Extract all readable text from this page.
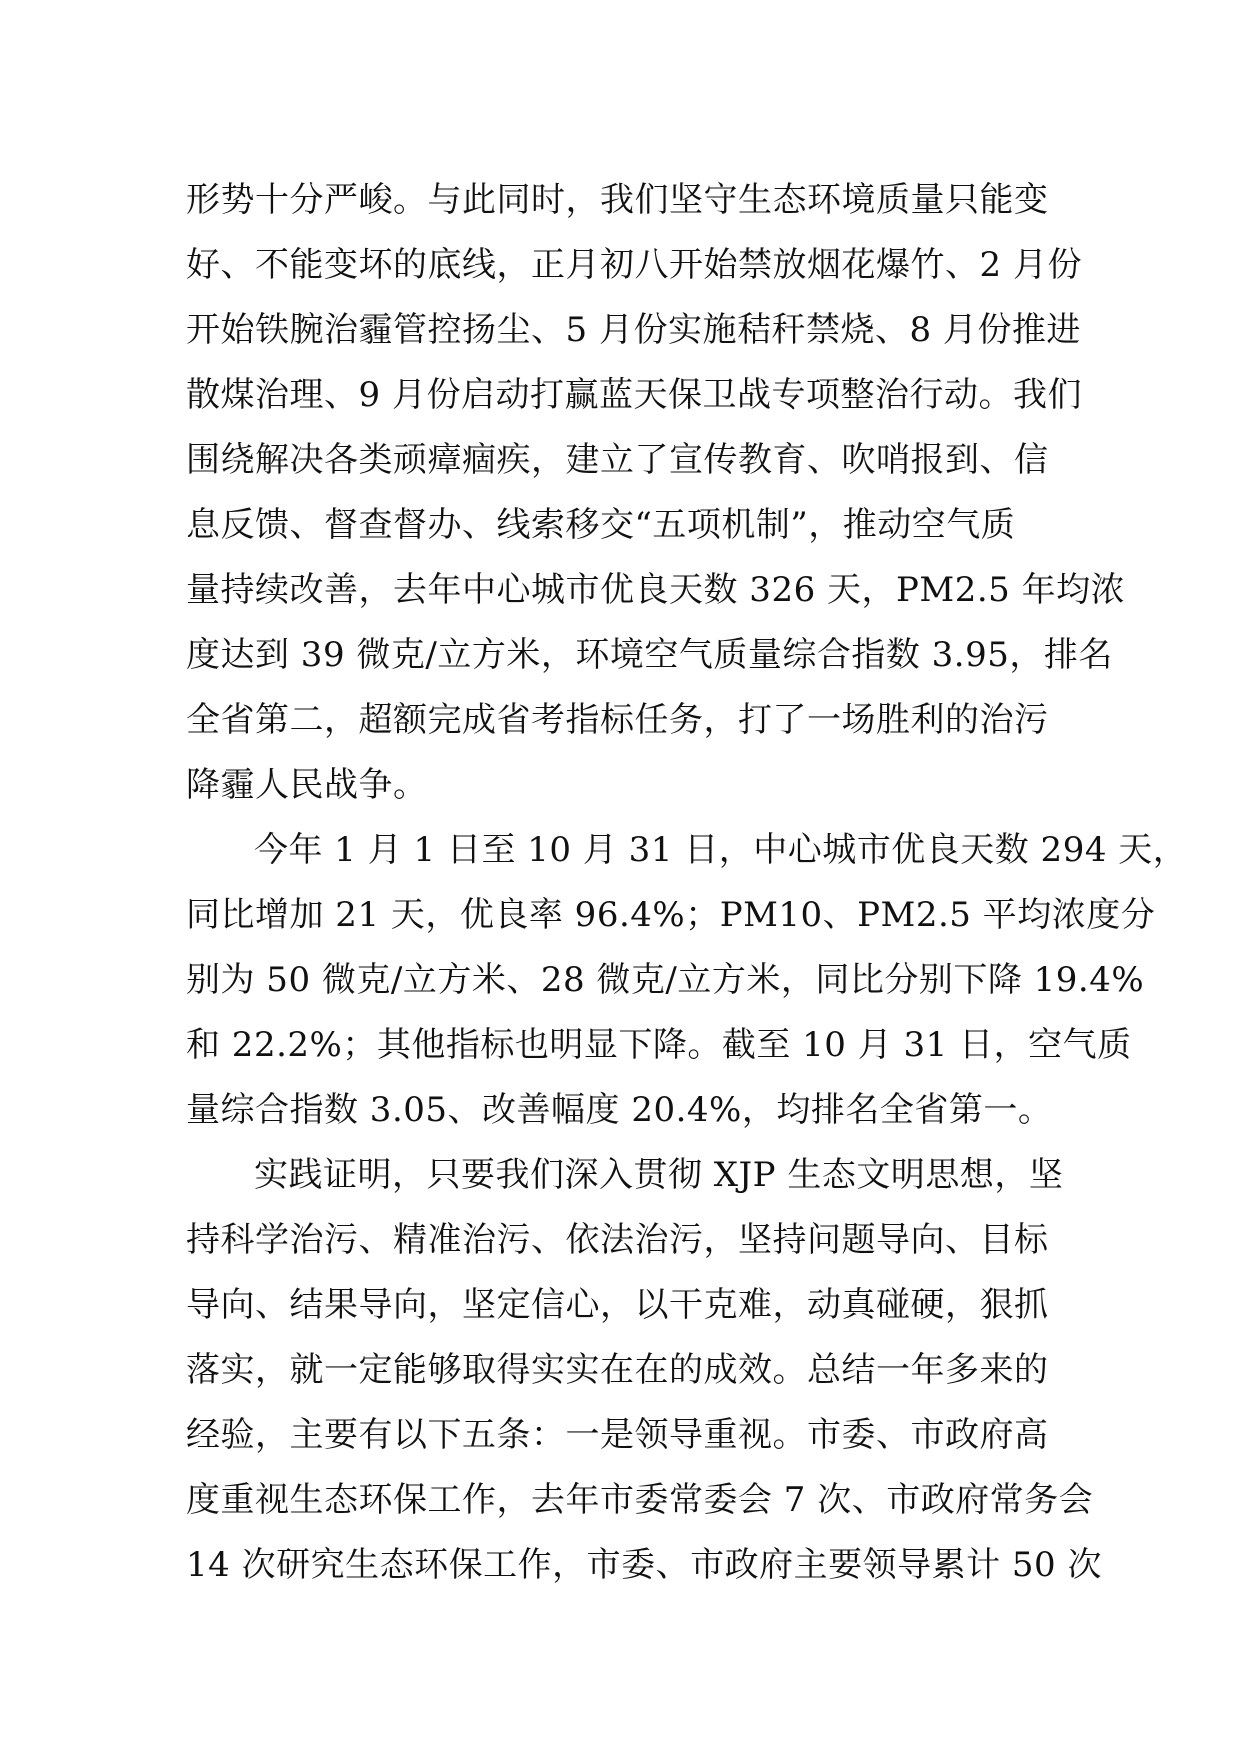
形势十分严峻。与此同时，我们坚守生态环境质量只能变
好、不能变坏的底线，正月初八开始禁放烟花爆竹、2 月份
开始铁腕治霾管控扬尘、5 月份实施秸秆禁烧、8 月份推进
散煤治理、9 月份启动打赢蓝天保卫战专项整治行动。我们
围绕解决各类顽瘴痼疾，建立了宣传教育、吹哨报到、信
息反馈、督查督办、线索移交“五项机制”，推动空气质
量持续改善，去年中心城市优良天数 326 天，PM2.5 年均浓
度达到 39 微克/立方米，环境空气质量综合指数 3.95，排名
全省第二，超额完成省考指标任务，打了一场胜利的治污
降霾人民战争。
今年 1 月 1 日至 10 月 31 日，中心城市优良天数 294 天，
同比增加 21 天，优良率 96.4%；PM10、PM2.5 平均浓度分
别为 50 微克/立方米、28 微克/立方米，同比分别下降 19.4%
和 22.2%；其他指标也明显下降。截至 10 月 31 日，空气质
量综合指数 3.05、改善幅度 20.4%，均排名全省第一。
实践证明，只要我们深入贯彻 XJP 生态文明思想，坚
持科学治污、精准治污、依法治污，坚持问题导向、目标
导向、结果导向，坚定信心，以干克难，动真碰硬，狠抓
落实，就一定能够取得实实在在的成效。总结一年多来的
经验，主要有以下五条：一是领导重视。市委、市政府高
度重视生态环保工作，去年市委常委会 7 次、市政府常务会
14 次研究生态环保工作，市委、市政府主要领导累计 50 次
